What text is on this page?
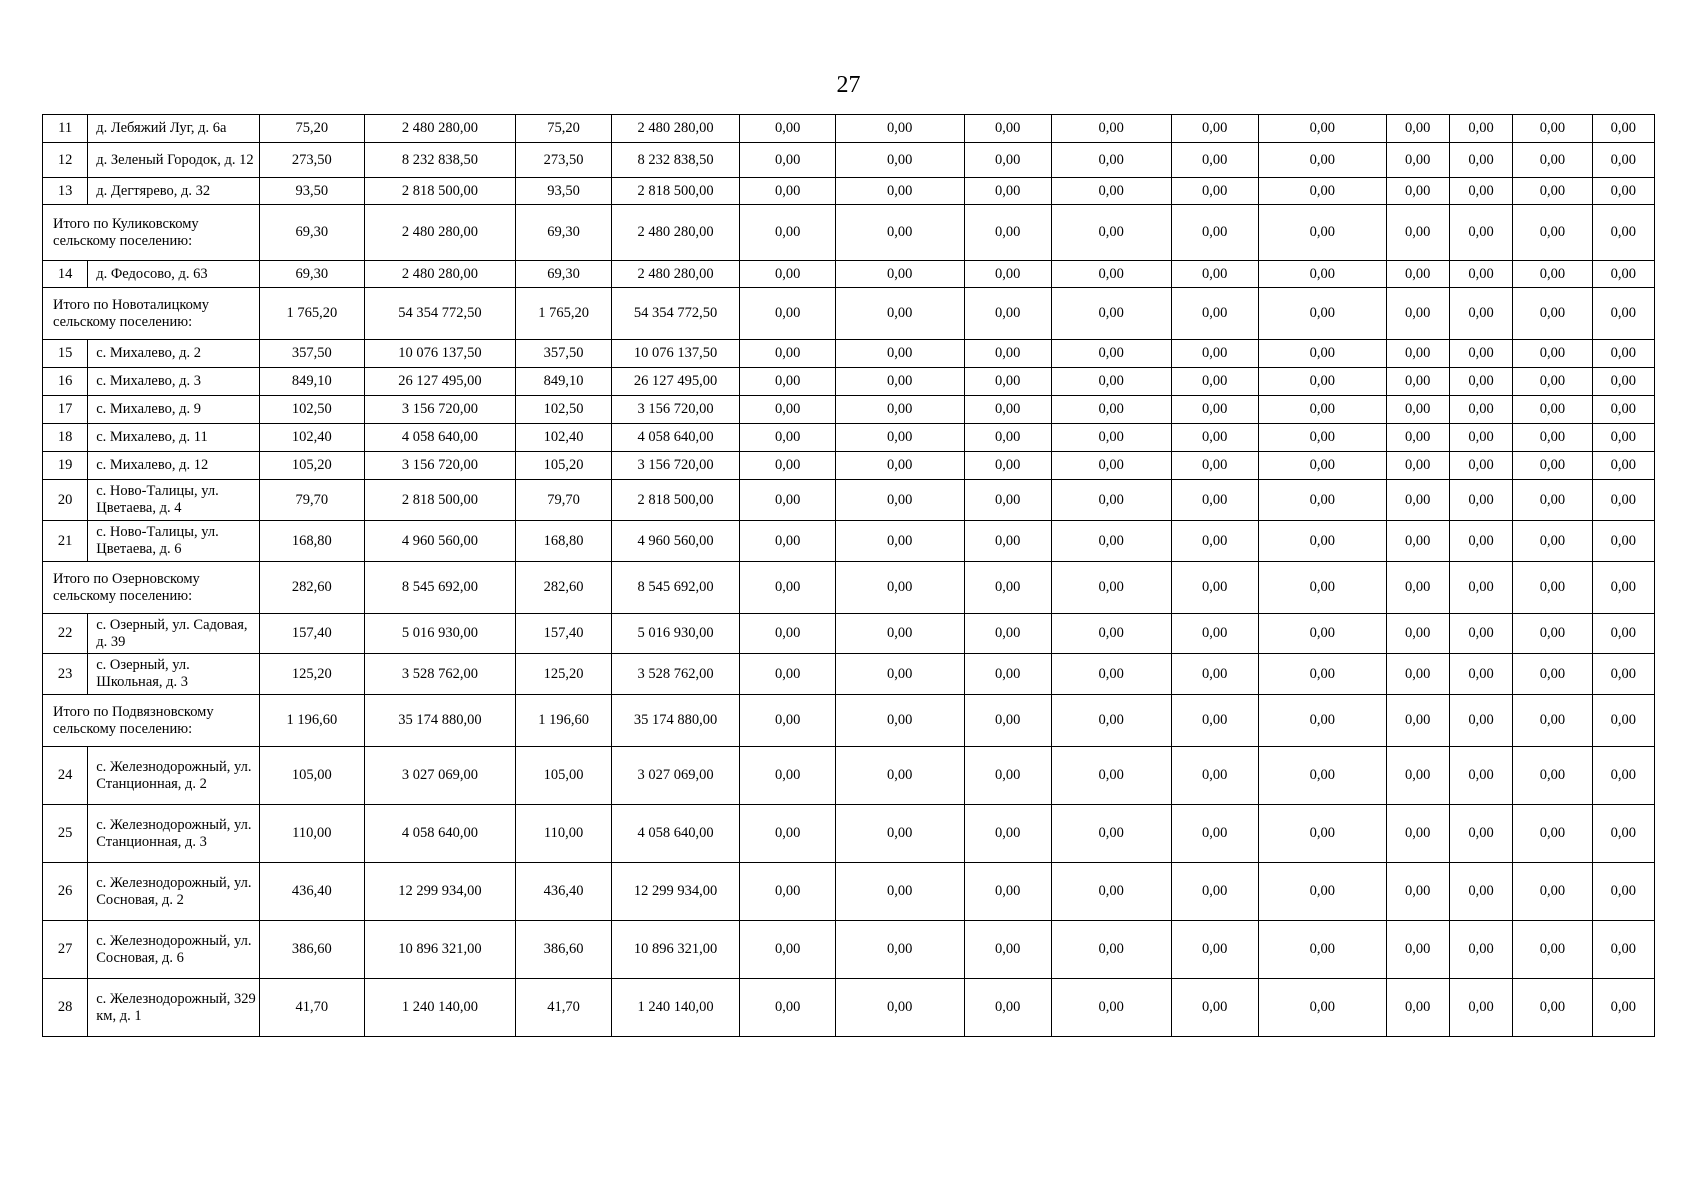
27
11	д. Лебяжий Луг, д. 6а	75,20	2 480 280,00	75,20	2 480 280,00	0,00	0,00	0,00	0,00	0,00	0,00	0,00	0,00	0,00	0,00
12	д. Зеленый Городок, д. 12	273,50	8 232 838,50	273,50	8 232 838,50	0,00	0,00	0,00	0,00	0,00	0,00	0,00	0,00	0,00	0,00
13	д. Дегтярево, д. 32	93,50	2 818 500,00	93,50	2 818 500,00	0,00	0,00	0,00	0,00	0,00	0,00	0,00	0,00	0,00	0,00
Итого по Куликовскому сельскому поселению:		69,30	2 480 280,00	69,30	2 480 280,00	0,00	0,00	0,00	0,00	0,00	0,00	0,00	0,00	0,00	0,00
14	д. Федосово, д. 63	69,30	2 480 280,00	69,30	2 480 280,00	0,00	0,00	0,00	0,00	0,00	0,00	0,00	0,00	0,00	0,00
Итого по Новоталицкому сельскому поселению:		1 765,20	54 354 772,50	1 765,20	54 354 772,50	0,00	0,00	0,00	0,00	0,00	0,00	0,00	0,00	0,00	0,00
15	с. Михалево, д. 2	357,50	10 076 137,50	357,50	10 076 137,50	0,00	0,00	0,00	0,00	0,00	0,00	0,00	0,00	0,00	0,00
16	с. Михалево, д. 3	849,10	26 127 495,00	849,10	26 127 495,00	0,00	0,00	0,00	0,00	0,00	0,00	0,00	0,00	0,00	0,00
17	с. Михалево, д. 9	102,50	3 156 720,00	102,50	3 156 720,00	0,00	0,00	0,00	0,00	0,00	0,00	0,00	0,00	0,00	0,00
18	с. Михалево, д. 11	102,40	4 058 640,00	102,40	4 058 640,00	0,00	0,00	0,00	0,00	0,00	0,00	0,00	0,00	0,00	0,00
19	с. Михалево, д. 12	105,20	3 156 720,00	105,20	3 156 720,00	0,00	0,00	0,00	0,00	0,00	0,00	0,00	0,00	0,00	0,00
20	с. Ново-Талицы, ул. Цветаева, д. 4	79,70	2 818 500,00	79,70	2 818 500,00	0,00	0,00	0,00	0,00	0,00	0,00	0,00	0,00	0,00	0,00
21	с. Ново-Талицы, ул. Цветаева, д. 6	168,80	4 960 560,00	168,80	4 960 560,00	0,00	0,00	0,00	0,00	0,00	0,00	0,00	0,00	0,00	0,00
Итого по Озерновскому сельскому поселению:		282,60	8 545 692,00	282,60	8 545 692,00	0,00	0,00	0,00	0,00	0,00	0,00	0,00	0,00	0,00	0,00
22	с. Озерный, ул. Садовая, д. 39	157,40	5 016 930,00	157,40	5 016 930,00	0,00	0,00	0,00	0,00	0,00	0,00	0,00	0,00	0,00	0,00
23	с. Озерный, ул. Школьная, д. 3	125,20	3 528 762,00	125,20	3 528 762,00	0,00	0,00	0,00	0,00	0,00	0,00	0,00	0,00	0,00	0,00
Итого по Подвязновскому сельскому поселению:		1 196,60	35 174 880,00	1 196,60	35 174 880,00	0,00	0,00	0,00	0,00	0,00	0,00	0,00	0,00	0,00	0,00
24	с. Железнодорожный, ул. Станционная, д. 2	105,00	3 027 069,00	105,00	3 027 069,00	0,00	0,00	0,00	0,00	0,00	0,00	0,00	0,00	0,00	0,00
25	с. Железнодорожный, ул. Станционная, д. 3	110,00	4 058 640,00	110,00	4 058 640,00	0,00	0,00	0,00	0,00	0,00	0,00	0,00	0,00	0,00	0,00
26	с. Железнодорожный, ул. Сосновая, д. 2	436,40	12 299 934,00	436,40	12 299 934,00	0,00	0,00	0,00	0,00	0,00	0,00	0,00	0,00	0,00	0,00
27	с. Железнодорожный, ул. Сосновая, д. 6	386,60	10 896 321,00	386,60	10 896 321,00	0,00	0,00	0,00	0,00	0,00	0,00	0,00	0,00	0,00	0,00
28	с. Железнодорожный, 329 км, д. 1	41,70	1 240 140,00	41,70	1 240 140,00	0,00	0,00	0,00	0,00	0,00	0,00	0,00	0,00	0,00	0,00
